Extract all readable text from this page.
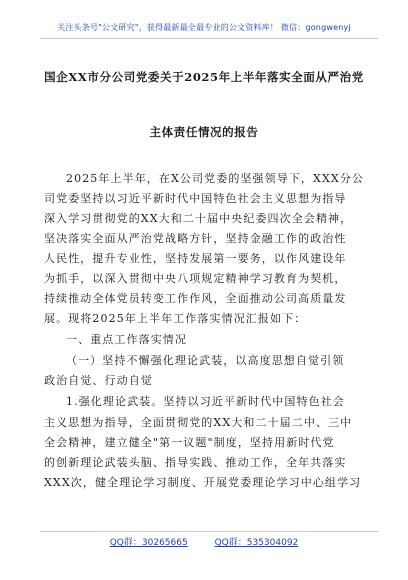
关注头条号"公文研究"，获得最新最全最专业的公文资料库！ 微信：gongwenyj
国企XX市分公司党委关于2025年上半年落实全面从严治党
主体责任情况的报告
2025年上半年，在X公司党委的坚强领导下，XXX分公
司党委坚持以习近平新时代中国特色社会主义思想为指导
深入学习贯彻党的XX大和二十届中央纪委四次全会精神，
坚决落实全面从严治党战略方针，坚持金融工作的政治性
人民性，提升专业性，坚持发展第一要务，以作风建设年
为抓手，以深入贯彻中央八项规定精神学习教育为契机，
持续推动全体党员转变工作作风，全面推动公司高质量发
展。现将2025年上半年工作落实情况汇报如下：
一、重点工作落实情况
（一）坚持不懈强化理论武装，以高度思想自觉引领
政治自觉、行动自觉
1.强化理论武装。坚持以习近平新时代中国特色社会
主义思想为指导，全面贯彻党的XX大和二十届二中、三中
全会精神，建立健全"第一议题"制度，坚持用新时代党
的创新理论武装头脑、指导实践、推动工作，全年共落实
XXX次，健全理论学习制度、开展党委理论学习中心组学习
QQ群：30265665	QQ群：535304092
